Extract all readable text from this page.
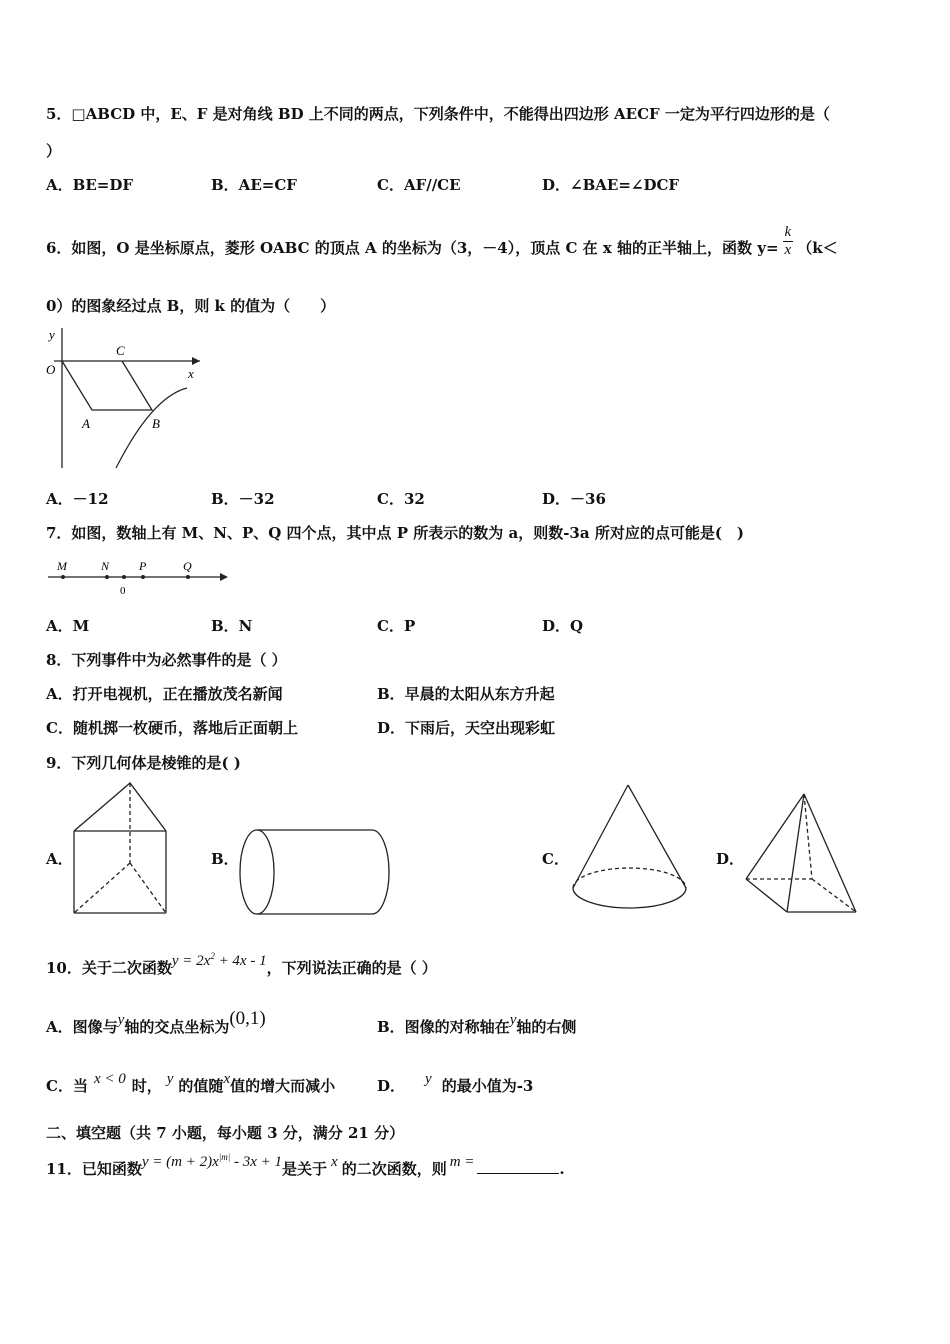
5．□ABCD 中，E、F 是对角线 BD 上不同的两点，下列条件中，不能得出四边形 AECF 一定为平行四边形的是（
）
A．BE=DF	B．AE=CF	C．AF//CE	D．∠BAE=∠DCF
6．如图，O 是坐标原点，菱形 OABC 的顶点 A 的坐标为（3，－4），顶点 C 在 x 轴的正半轴上，函数 $y= \frac{k}{x} (k<$
0）的图象经过点 B，则 k 的值为（　　）
y
x
O
C
A	B
A．－12	B．－32	C．32	D．－36
7．如图，数轴上有 M、N、P、Q 四个点，其中点 P 所表示的数为 a，则数-3a 所对应的点可能是(　)
M	N P	Q
0
A．M	B．N	C．P	D．Q
8．下列事件中为必然事件的是（ ）
A．打开电视机，正在播放茂名新闻	B．早晨的太阳从东方升起
C．随机掷一枚硬币，落地后正面朝上	D．下雨后，天空出现彩虹
9．下列几何体是棱锥的是( )
A．	B．	C．	D．
10．关于二次函数$y = 2x^2 + 4x - 1$，下列说法正确的是（ ）
A．图像与y轴的交点坐标为(0,1)	B．图像的对称轴在y轴的右侧
C．当 x < 0 时， y 的值随x值的增大而减小	D． y 的最小值为-3
二、填空题（共 7 小题，每小题 3 分，满分 21 分）
11．已知函数$y = (m + 2)x^{|m|} - 3x + 1$是关于 x 的二次函数，则 m =	.
